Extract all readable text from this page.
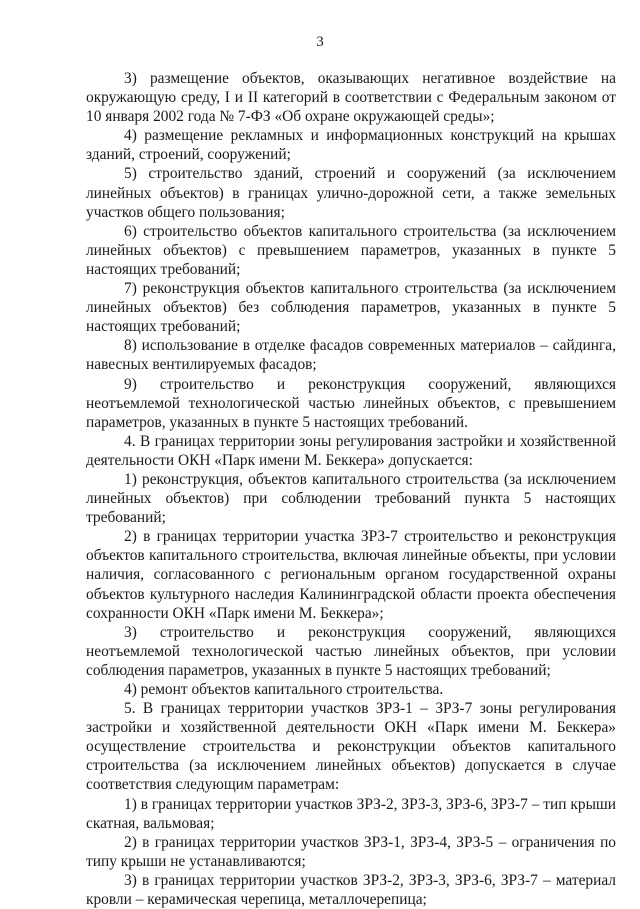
3

3) размещение объектов, оказывающих негативное воздействие на окружающую среду, I и II категорий в соответствии с Федеральным законом от 10 января 2002 года № 7-ФЗ «Об охране окружающей среды»;

4) размещение рекламных и информационных конструкций на крышах зданий, строений, сооружений;

5) строительство зданий, строений и сооружений (за исключением линейных объектов) в границах улично-дорожной сети, а также земельных участков общего пользования;

6) строительство объектов капитального строительства (за исключением линейных объектов) с превышением параметров, указанных в пункте 5 настоящих требований;

7) реконструкция объектов капитального строительства (за исключением линейных объектов) без соблюдения параметров, указанных в пункте 5 настоящих требований;

8) использование в отделке фасадов современных материалов – сайдинга, навесных вентилируемых фасадов;

9) строительство и реконструкция сооружений, являющихся неотъемлемой технологической частью линейных объектов, с превышением параметров, указанных в пункте 5 настоящих требований.

4. В границах территории зоны регулирования застройки и хозяйственной деятельности ОКН «Парк имени М. Беккера» допускается:

1) реконструкция, объектов капитального строительства (за исключением линейных объектов) при соблюдении требований пункта 5 настоящих требований;

2) в границах территории участка ЗРЗ-7 строительство и реконструкция объектов капитального строительства, включая линейные объекты, при условии наличия, согласованного с региональным органом государственной охраны объектов культурного наследия Калининградской области проекта обеспечения сохранности ОКН «Парк имени М. Беккера»;

3) строительство и реконструкция сооружений, являющихся неотъемлемой технологической частью линейных объектов, при условии соблюдения параметров, указанных в пункте 5 настоящих требований;

4) ремонт объектов капитального строительства.

5. В границах территории участков ЗРЗ-1 – ЗРЗ-7 зоны регулирования застройки и хозяйственной деятельности ОКН «Парк имени М. Беккера» осуществление строительства и реконструкции объектов капитального строительства (за исключением линейных объектов) допускается в случае соответствия следующим параметрам:

1) в границах территории участков ЗРЗ-2, ЗРЗ-3, ЗРЗ-6, ЗРЗ-7 – тип крыши скатная, вальмовая;

2) в границах территории участков ЗРЗ-1, ЗРЗ-4, ЗРЗ-5 – ограничения по типу крыши не устанавливаются;

3) в границах территории участков ЗРЗ-2, ЗРЗ-3, ЗРЗ-6, ЗРЗ-7 – материал кровли – керамическая черепица, металлочерепица;
